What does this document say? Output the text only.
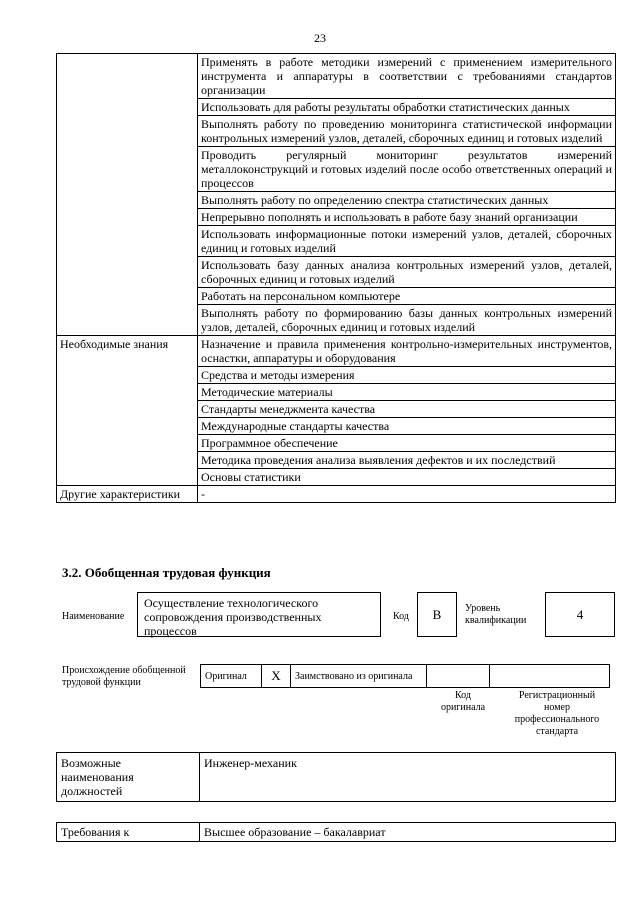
23
	Применять в работе методики измерений с применением измерительного инструмента и аппаратуры в соответствии с требованиями стандартов организации
	Использовать для работы результаты обработки статистических данных
	Выполнять работу по проведению мониторинга статистической информации контрольных измерений узлов, деталей, сборочных единиц и готовых изделий
	Проводить регулярный мониторинг результатов измерений металлоконструкций и готовых изделий после особо ответственных операций и процессов
	Выполнять работу по определению спектра статистических данных
	Непрерывно пополнять и использовать в работе базу знаний организации
	Использовать информационные потоки измерений узлов, деталей, сборочных единиц и готовых изделий
	Использовать базу данных анализа контрольных измерений узлов, деталей, сборочных единиц и готовых изделий
	Работать на персональном компьютере
	Выполнять работу по формированию базы данных контрольных измерений узлов, деталей, сборочных единиц и готовых изделий
Необходимые знания	Назначение и правила применения контрольно-измерительных инструментов, оснастки, аппаратуры и оборудования
	Средства и методы измерения
	Методические материалы
	Стандарты менеджмента качества
	Международные стандарты качества
	Программное обеспечение
	Методика проведения анализа выявления дефектов и их последствий
	Основы статистики
Другие характеристики	-
3.2. Обобщенная трудовая функция
Наименование
Осуществление технологического сопровождения производственных процессов
Код	B	Уровень квалификации	4
Происхождение обобщенной трудовой функции
Оригинал	X	Заимствовано из оригинала		
Код оригинала
Регистрационный номер профессионального стандарта
Возможные наименования должностей	Инженер-механик
Требования к	Высшее образование – бакалавриат
